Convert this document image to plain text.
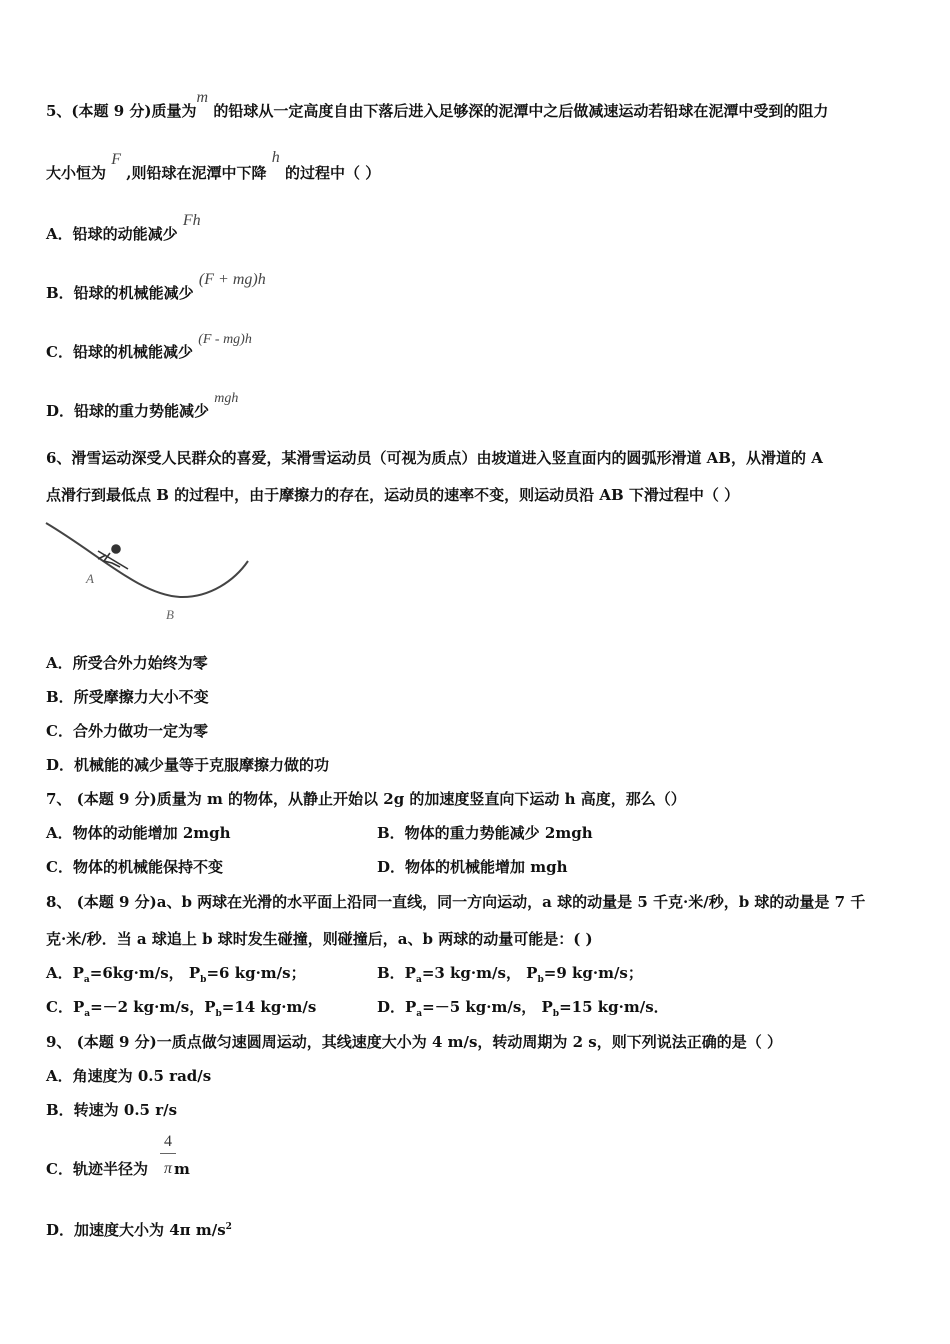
5、(本题 9 分)质量为m 的铅球从一定高度自由下落后进入足够深的泥潭中之后做减速运动若铅球在泥潭中受到的阻力
大小恒为 F ,则铅球在泥潭中下降 h 的过程中（ ）
A．铅球的动能减少 Fh
B．铅球的机械能减少 (F + mg)h
C．铅球的机械能减少 (F - mg)h
D．铅球的重力势能减少 mgh
6、滑雪运动深受人民群众的喜爱，某滑雪运动员（可视为质点）由坡道进入竖直面内的圆弧形滑道 AB，从滑道的 A
点滑行到最低点 B 的过程中，由于摩擦力的存在，运动员的速率不变，则运动员沿 AB 下滑过程中（ ）
A
B
A．所受合外力始终为零
B．所受摩擦力大小不变
C．合外力做功一定为零
D．机械能的减少量等于克服摩擦力做的功
7、 (本题 9 分)质量为 m 的物体，从静止开始以 2g 的加速度竖直向下运动 h 高度，那么（）
A．物体的动能增加 2mgh	B．物体的重力势能减少 2mgh
C．物体的机械能保持不变	D．物体的机械能增加 mgh
8、 (本题 9 分)a、b 两球在光滑的水平面上沿同一直线，同一方向运动，a 球的动量是 5 千克·米/秒，b 球的动量是 7 千
克·米/秒．当 a 球追上 b 球时发生碰撞，则碰撞后，a、b 两球的动量可能是：( )
A．$P_a=6kg\cdot m/s$， $P_b=6$ kg·m/s；	B．$P_a=3$ kg·m/s， $P_b=9$ kg·m/s；
C．$P_a=-2$ kg·m/s，$P_b=14$ kg·m/s	D．$P_a=-5$ kg·m/s， $P_b=15$ kg·m/s．
9、 (本题 9 分)一质点做匀速圆周运动，其线速度大小为 4 m/s，转动周期为 2 s，则下列说法正确的是（ ）
A．角速度为 0.5 rad/s
B．转速为 0.5 r/s
C．轨迹半径为 m
$\frac{4}{\pi}$
D．加速度大小为 4π $m/s^2$
